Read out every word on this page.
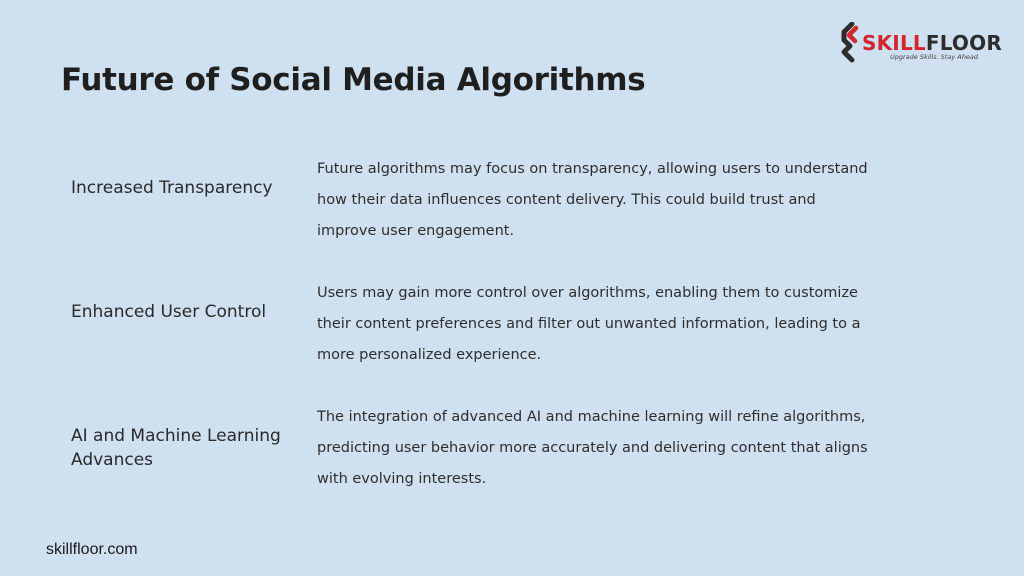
Future of Social Media Algorithms
SKILLFLOOR
Upgrade Skills. Stay Ahead.
Increased Transparency

Future algorithms may focus on transparency, allowing users to understand how their data influences content delivery. This could build trust and improve user engagement.

Enhanced User Control

Users may gain more control over algorithms, enabling them to customize their content preferences and filter out unwanted information, leading to a more personalized experience.

AI and Machine Learning Advances

The integration of advanced AI and machine learning will refine algorithms, predicting user behavior more accurately and delivering content that aligns with evolving interests.

skillfloor.com
